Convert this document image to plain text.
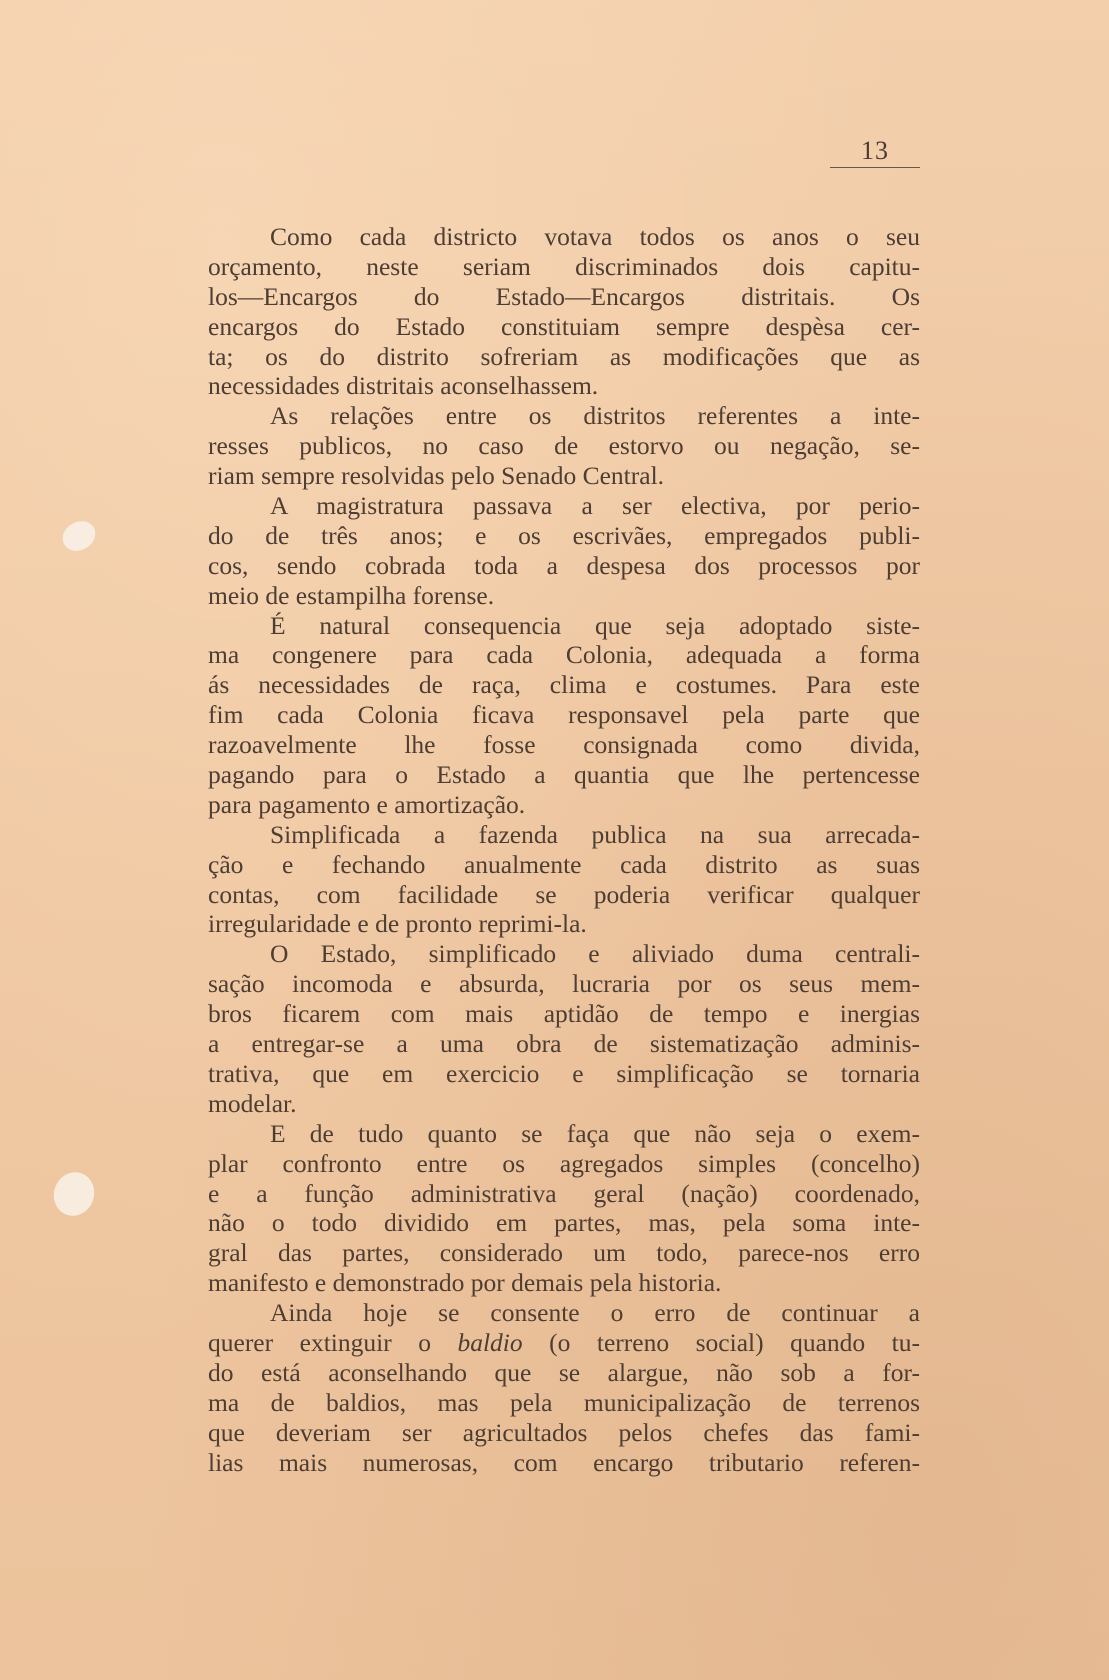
13
Como cada districto votava todos os anos o seu
orçamento, neste seriam discriminados dois capitu-
los—Encargos do Estado—Encargos distritais. Os
encargos do Estado constituiam sempre despèsa cer-
ta; os do distrito sofreriam as modificações que as
necessidades distritais aconselhassem.
As relações entre os distritos referentes a inte-
resses publicos, no caso de estorvo ou negação, se-
riam sempre resolvidas pelo Senado Central.
A magistratura passava a ser electiva, por perio-
do de três anos; e os escrivães, empregados publi-
cos, sendo cobrada toda a despesa dos processos por
meio de estampilha forense.
É natural consequencia que seja adoptado siste-
ma congenere para cada Colonia, adequada a forma
ás necessidades de raça, clima e costumes. Para este
fim cada Colonia ficava responsavel pela parte que
razoavelmente lhe fosse consignada como divida,
pagando para o Estado a quantia que lhe pertencesse
para pagamento e amortização.
Simplificada a fazenda publica na sua arrecada-
ção e fechando anualmente cada distrito as suas
contas, com facilidade se poderia verificar qualquer
irregularidade e de pronto reprimi-la.
O Estado, simplificado e aliviado duma centrali-
sação incomoda e absurda, lucraria por os seus mem-
bros ficarem com mais aptidão de tempo e inergias
a entregar-se a uma obra de sistematização adminis-
trativa, que em exercicio e simplificação se tornaria
modelar.
E de tudo quanto se faça que não seja o exem-
plar confronto entre os agregados simples (concelho)
e a função administrativa geral (nação) coordenado,
não o todo dividido em partes, mas, pela soma inte-
gral das partes, considerado um todo, parece-nos erro
manifesto e demonstrado por demais pela historia.
Ainda hoje se consente o erro de continuar a
querer extinguir o baldio (o terreno social) quando tu-
do está aconselhando que se alargue, não sob a for-
ma de baldios, mas pela municipalização de terrenos
que deveriam ser agricultados pelos chefes das fami-
lias mais numerosas, com encargo tributario referen-
